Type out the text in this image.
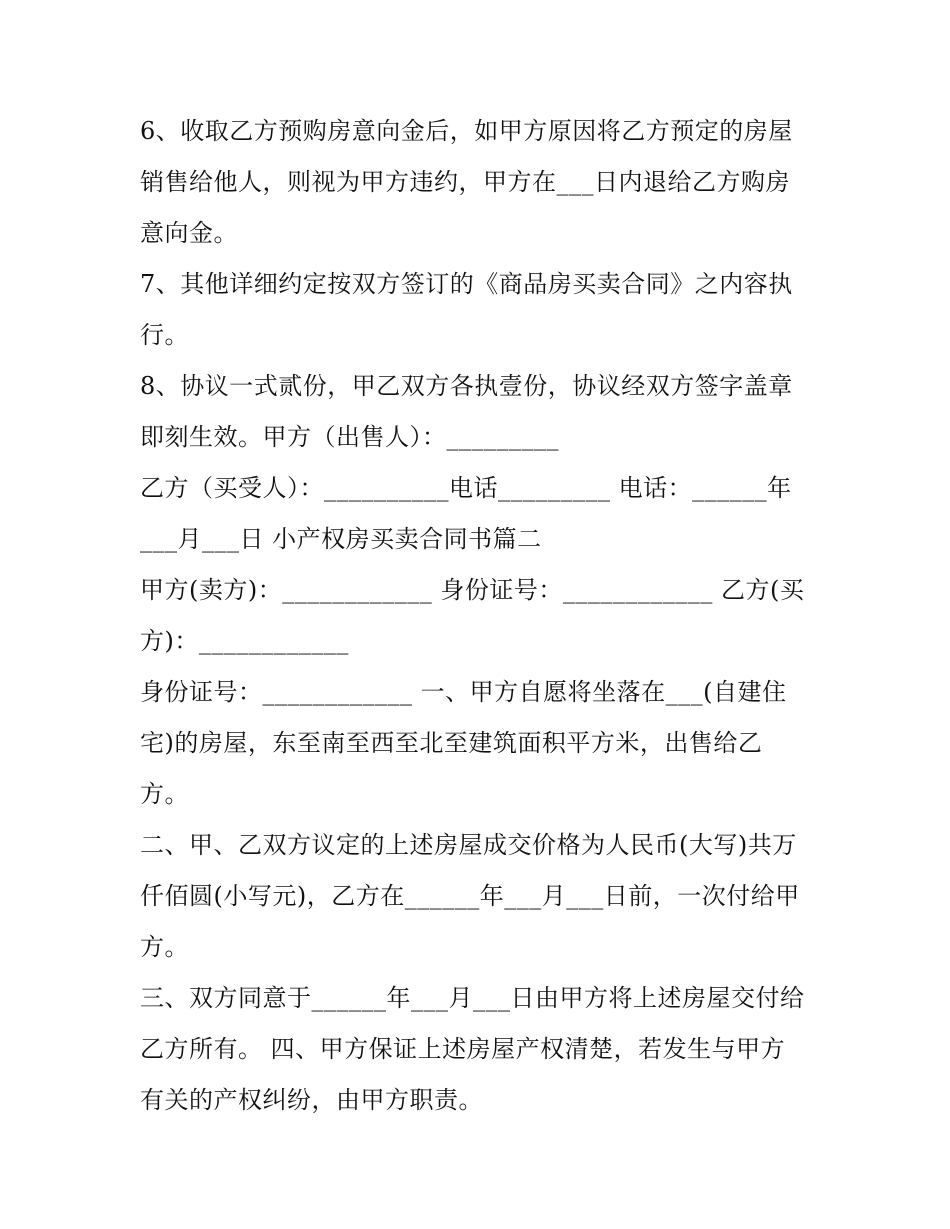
6、收取乙方预购房意向金后，如甲方原因将乙方预定的房屋
销售给他人，则视为甲方违约，甲方在___日内退给乙方购房
意向金。
7、其他详细约定按双方签订的《商品房买卖合同》之内容执
行。
8、协议一式贰份，甲乙双方各执壹份，协议经双方签字盖章
即刻生效。甲方（出售人）：_________
乙方（买受人）：__________电话_________ 电话：______年
___月___日 小产权房买卖合同书篇二
甲方(卖方)：____________ 身份证号：____________ 乙方(买
方)：____________
身份证号：____________ 一、甲方自愿将坐落在___(自建住
宅)的房屋，东至南至西至北至建筑面积平方米，出售给乙
方。
二、甲、乙双方议定的上述房屋成交价格为人民币(大写)共万
仟佰圆(小写元)，乙方在______年___月___日前，一次付给甲
方。
三、双方同意于______年___月___日由甲方将上述房屋交付给
乙方所有。 四、甲方保证上述房屋产权清楚，若发生与甲方
有关的产权纠纷，由甲方职责。
